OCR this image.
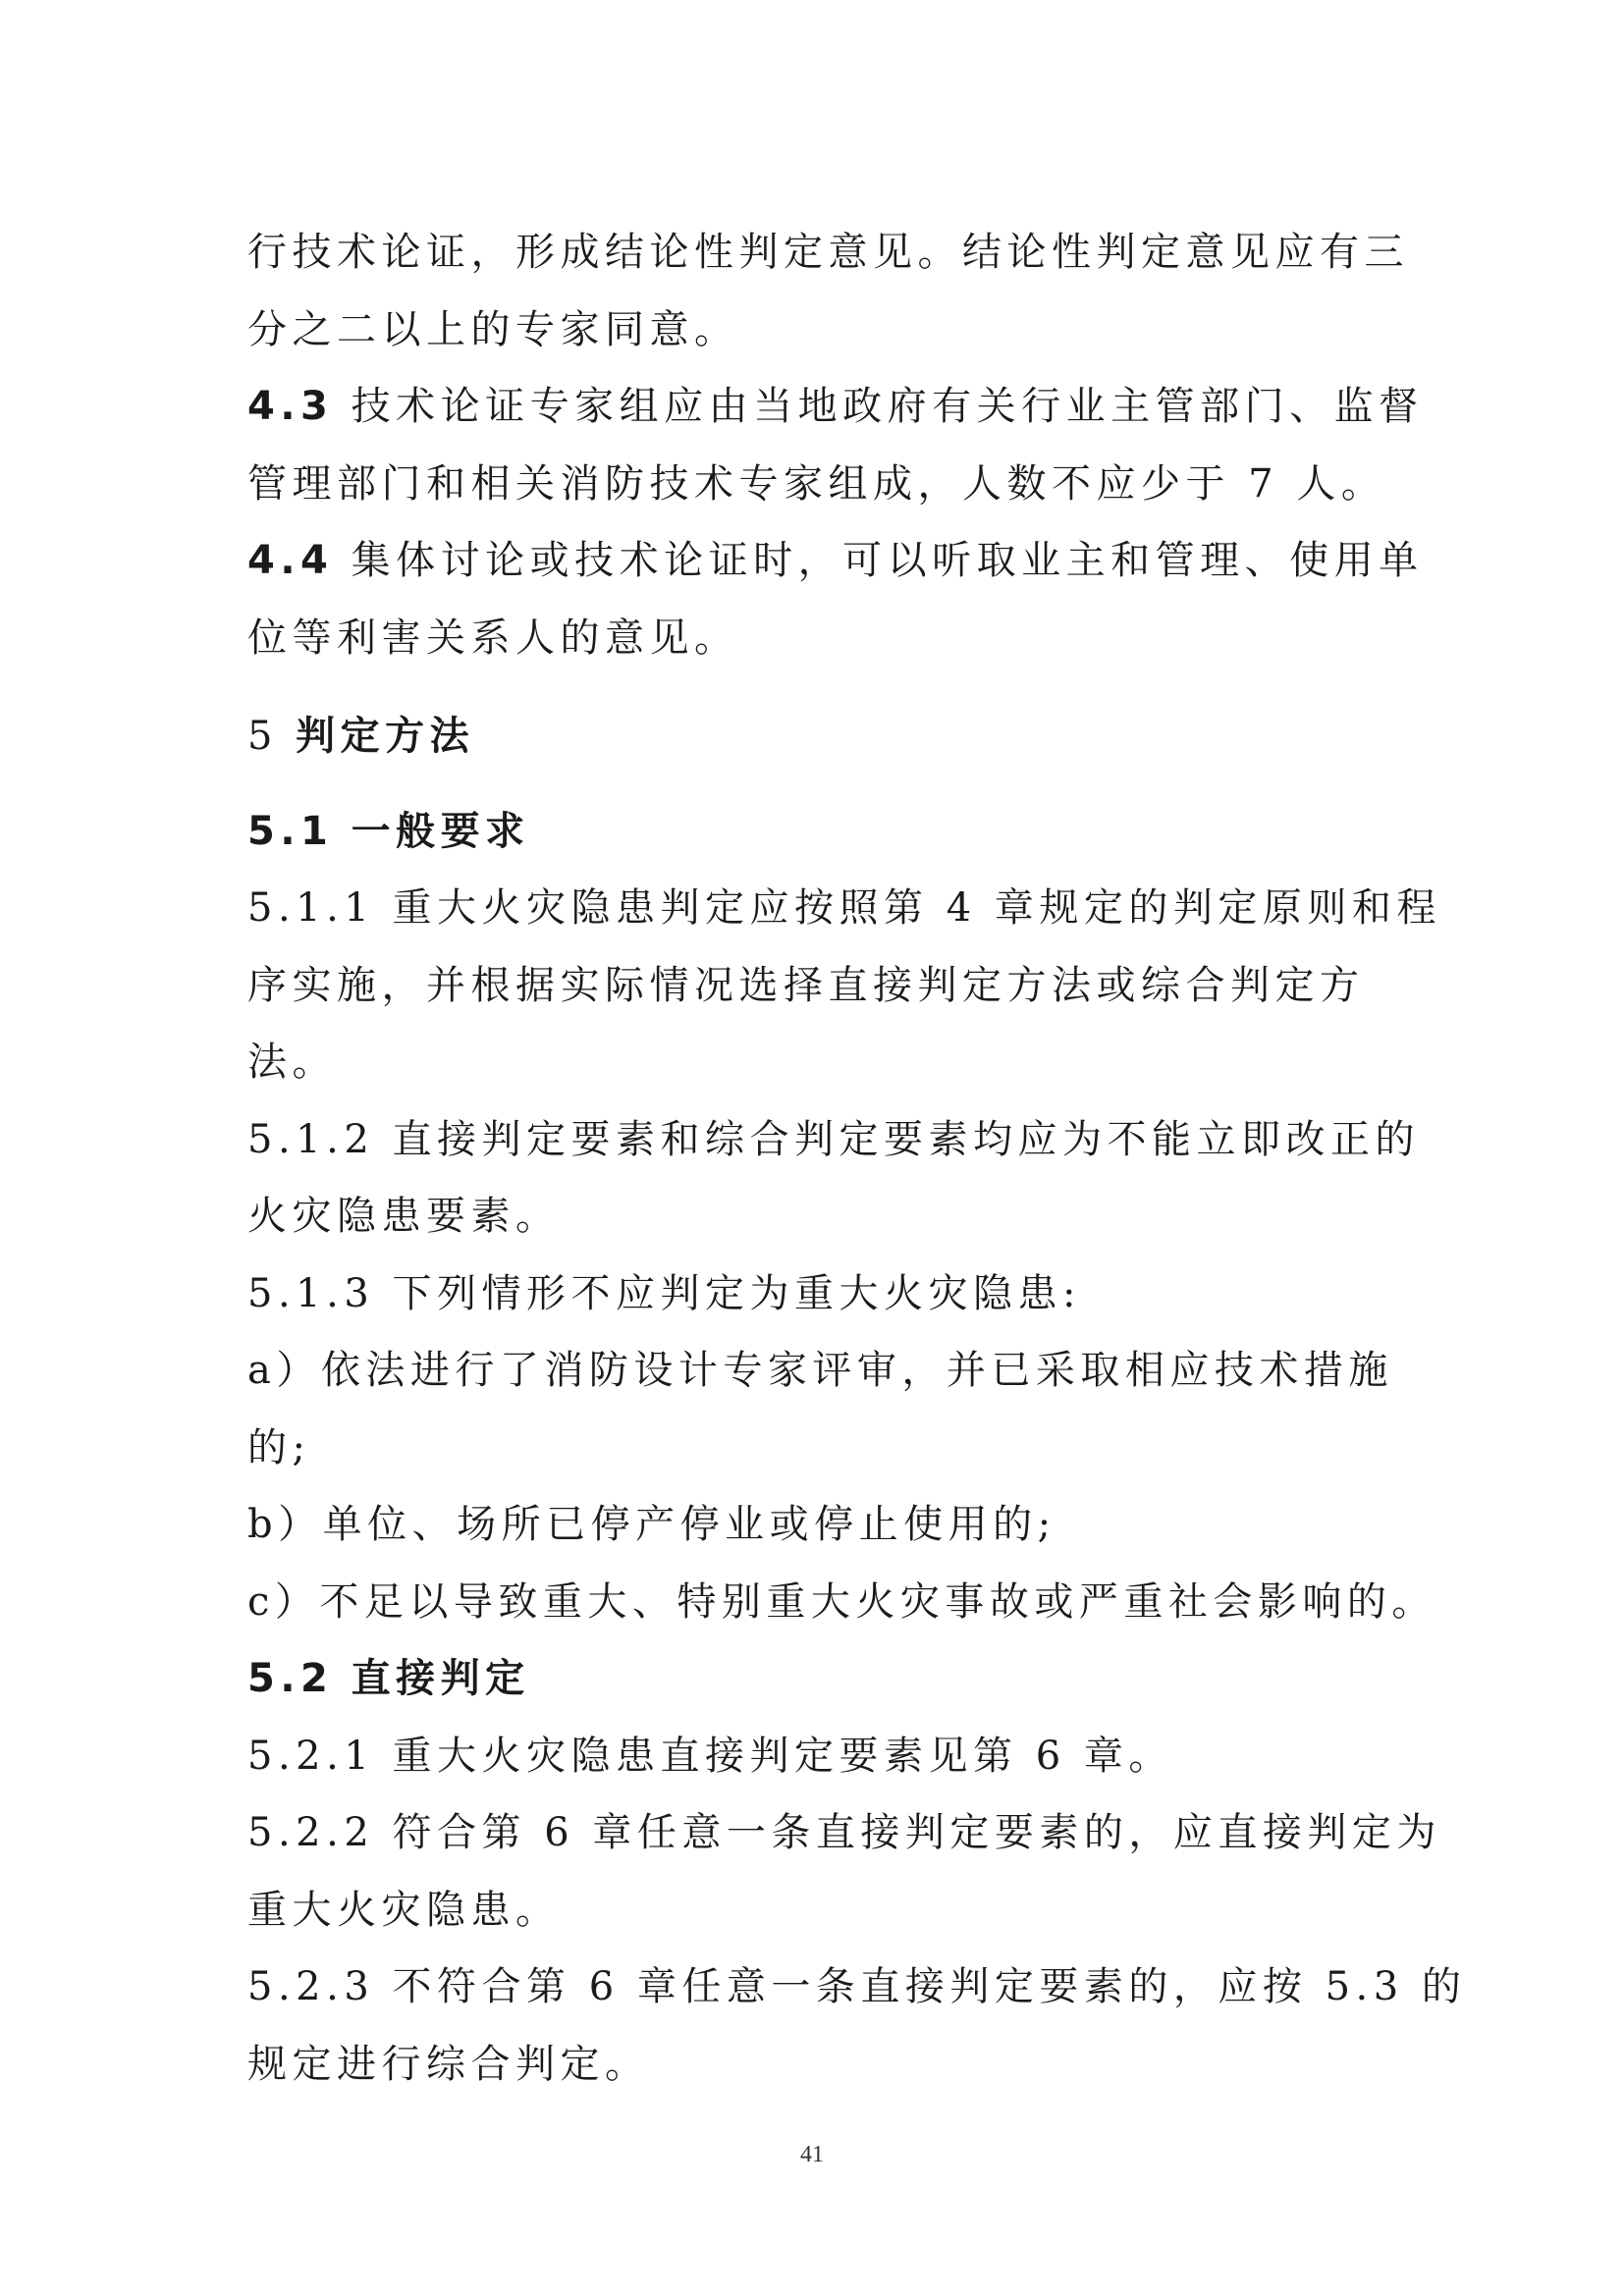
行技术论证，形成结论性判定意见。结论性判定意见应有三

分之二以上的专家同意。

4.3 技术论证专家组应由当地政府有关行业主管部门、监督

管理部门和相关消防技术专家组成，人数不应少于 7 人。

4.4 集体讨论或技术论证时，可以听取业主和管理、使用单

位等利害关系人的意见。

5 判定方法

5.1 一般要求

5.1.1 重大火灾隐患判定应按照第 4 章规定的判定原则和程

序实施，并根据实际情况选择直接判定方法或综合判定方

法。

5.1.2 直接判定要素和综合判定要素均应为不能立即改正的

火灾隐患要素。

5.1.3 下列情形不应判定为重大火灾隐患:

a）依法进行了消防设计专家评审，并已采取相应技术措施

的;

b）单位、场所已停产停业或停止使用的;

c）不足以导致重大、特别重大火灾事故或严重社会影响的。

5.2 直接判定

5.2.1 重大火灾隐患直接判定要素见第 6 章。

5.2.2 符合第 6 章任意一条直接判定要素的，应直接判定为

重大火灾隐患。

5.2.3 不符合第 6 章任意一条直接判定要素的，应按 5.3 的

规定进行综合判定。

41
